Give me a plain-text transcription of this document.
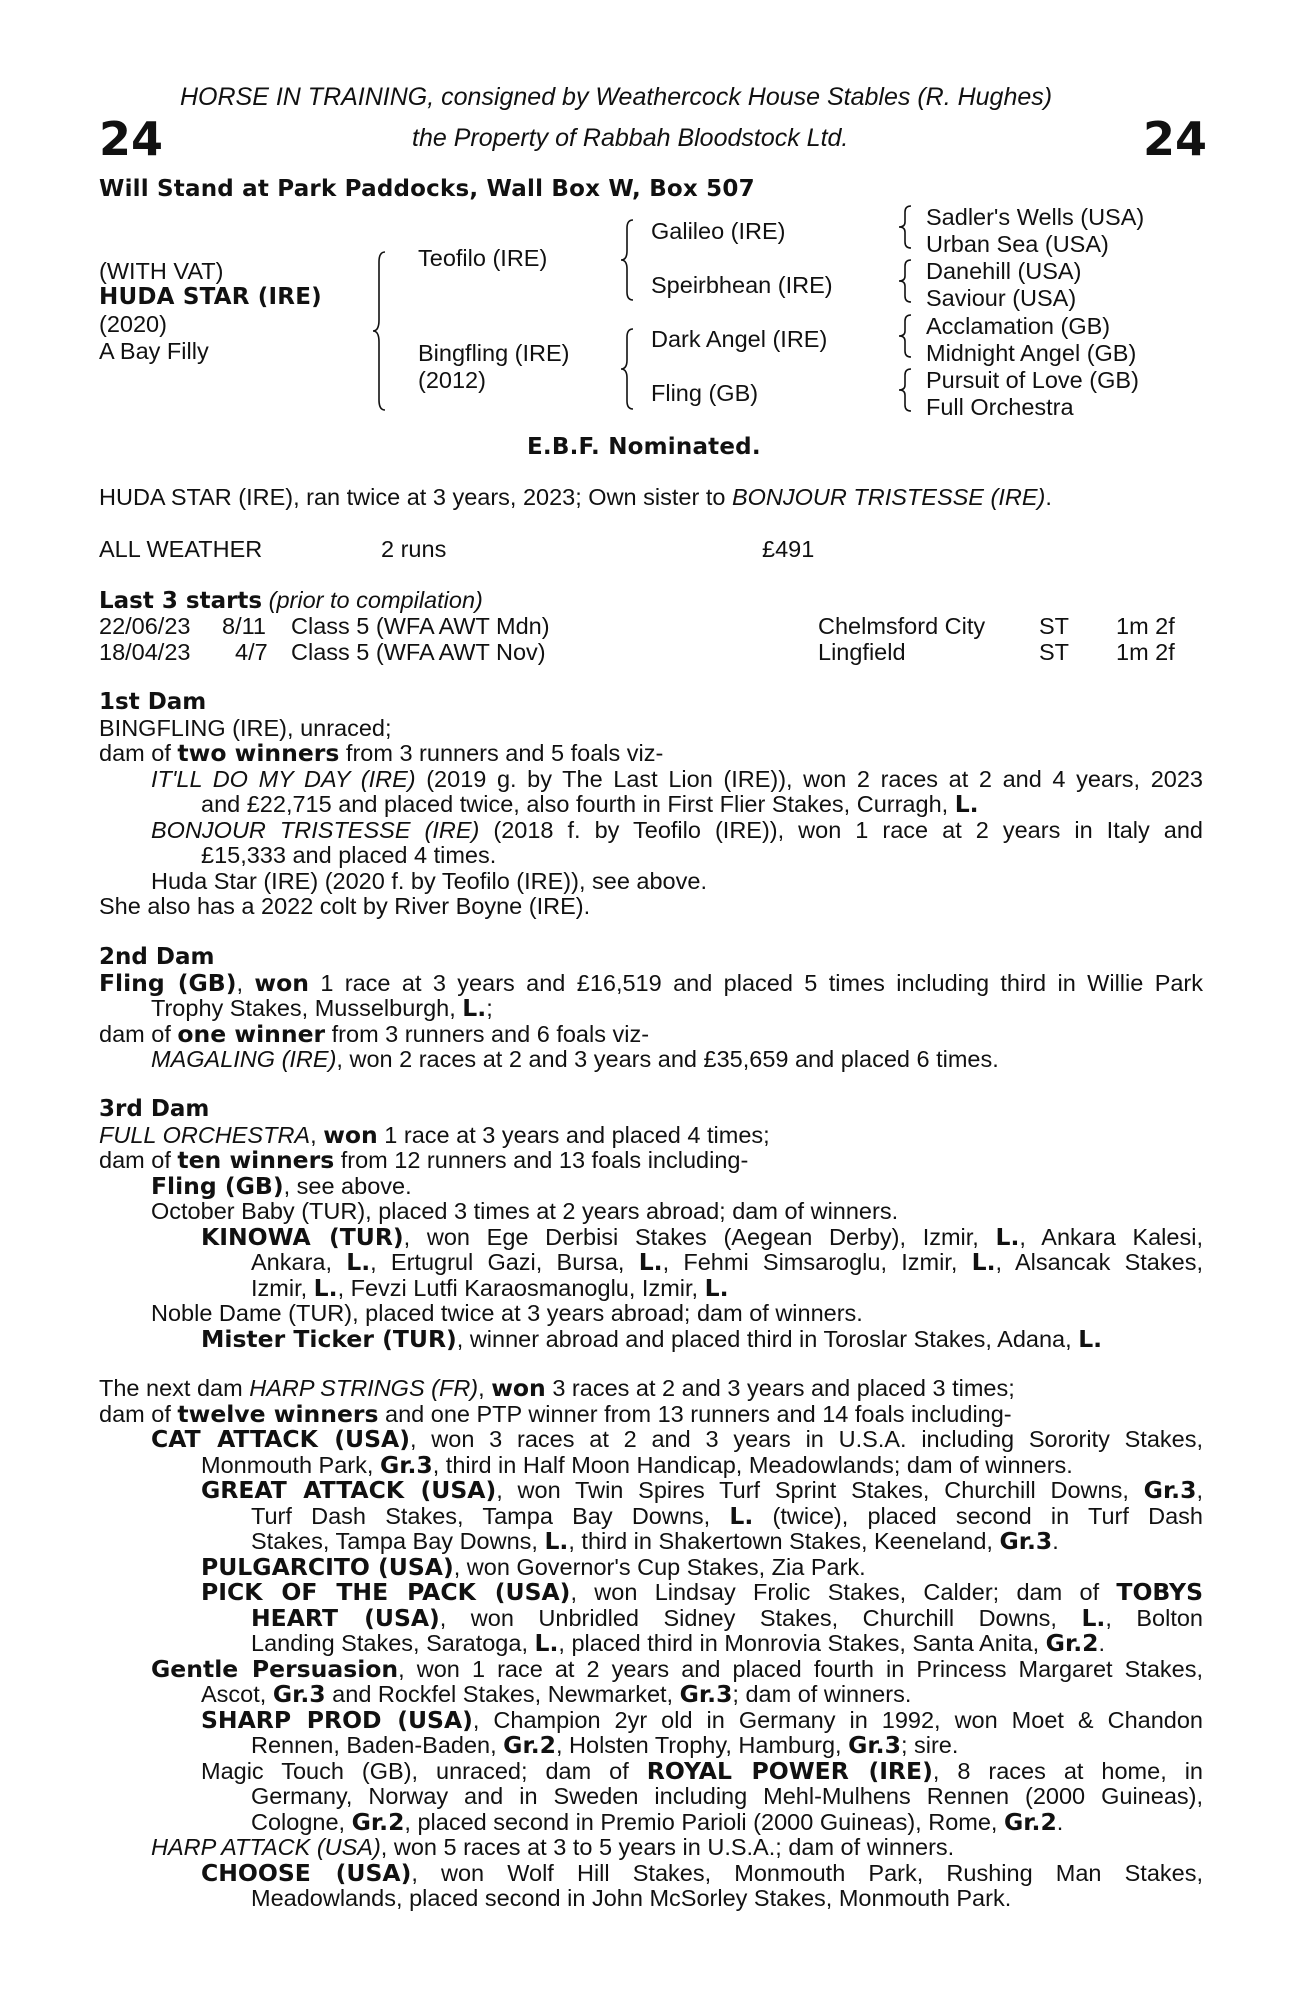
HORSE IN TRAINING, consigned by Weathercock House Stables (R. Hughes)
the Property of Rabbah Bloodstock Ltd.
24	24
Will Stand at Park Paddocks, Wall Box W, Box 507
(WITH VAT)
HUDA STAR (IRE)
(2020)
A Bay Filly
Teofilo (IRE)
Bingfling (IRE)
(2012)
Galileo (IRE)
Speirbhean (IRE)
Dark Angel (IRE)
Fling (GB)
Sadler's Wells (USA)
Urban Sea (USA)
Danehill (USA)
Saviour (USA)
Acclamation (GB)
Midnight Angel (GB)
Pursuit of Love (GB)
Full Orchestra
E.B.F. Nominated.
HUDA STAR (IRE), ran twice at 3 years, 2023; Own sister to BONJOUR TRISTESSE (IRE).
ALL WEATHER	2 runs	£491
Last 3 starts (prior to compilation)
22/06/23 8/11 Class 5 (WFA AWT Mdn)	Chelmsford City ST 1m 2f
18/04/23 4/7 Class 5 (WFA AWT Nov)	Lingfield	ST 1m 2f
1st Dam
BINGFLING (IRE), unraced;
dam of two winners from 3 runners and 5 foals viz-
IT'LL DO MY DAY (IRE) (2019 g. by The Last Lion (IRE)), won 2 races at 2 and 4 years, 2023
and £22,715 and placed twice, also fourth in First Flier Stakes, Curragh, L.
BONJOUR TRISTESSE (IRE) (2018 f. by Teofilo (IRE)), won 1 race at 2 years in Italy and
£15,333 and placed 4 times.
Huda Star (IRE) (2020 f. by Teofilo (IRE)), see above.
She also has a 2022 colt by River Boyne (IRE).
2nd Dam
Fling (GB), won 1 race at 3 years and £16,519 and placed 5 times including third in Willie Park
Trophy Stakes, Musselburgh, L.;
dam of one winner from 3 runners and 6 foals viz-
MAGALING (IRE), won 2 races at 2 and 3 years and £35,659 and placed 6 times.
3rd Dam
FULL ORCHESTRA, won 1 race at 3 years and placed 4 times;
dam of ten winners from 12 runners and 13 foals including-
Fling (GB), see above.
October Baby (TUR), placed 3 times at 2 years abroad; dam of winners.
KINOWA (TUR), won Ege Derbisi Stakes (Aegean Derby), Izmir, L., Ankara Kalesi,
Ankara, L., Ertugrul Gazi, Bursa, L., Fehmi Simsaroglu, Izmir, L., Alsancak Stakes,
Izmir, L., Fevzi Lutfi Karaosmanoglu, Izmir, L.
Noble Dame (TUR), placed twice at 3 years abroad; dam of winners.
Mister Ticker (TUR), winner abroad and placed third in Toroslar Stakes, Adana, L.
The next dam HARP STRINGS (FR), won 3 races at 2 and 3 years and placed 3 times;
dam of twelve winners and one PTP winner from 13 runners and 14 foals including-
CAT ATTACK (USA), won 3 races at 2 and 3 years in U.S.A. including Sorority Stakes,
Monmouth Park, Gr.3, third in Half Moon Handicap, Meadowlands; dam of winners.
GREAT ATTACK (USA), won Twin Spires Turf Sprint Stakes, Churchill Downs, Gr.3,
Turf Dash Stakes, Tampa Bay Downs, L. (twice), placed second in Turf Dash
Stakes, Tampa Bay Downs, L., third in Shakertown Stakes, Keeneland, Gr.3.
PULGARCITO (USA), won Governor's Cup Stakes, Zia Park.
PICK OF THE PACK (USA), won Lindsay Frolic Stakes, Calder; dam of TOBYS
HEART (USA), won Unbridled Sidney Stakes, Churchill Downs, L., Bolton
Landing Stakes, Saratoga, L., placed third in Monrovia Stakes, Santa Anita, Gr.2.
Gentle Persuasion, won 1 race at 2 years and placed fourth in Princess Margaret Stakes,
Ascot, Gr.3 and Rockfel Stakes, Newmarket, Gr.3; dam of winners.
SHARP PROD (USA), Champion 2yr old in Germany in 1992, won Moet & Chandon
Rennen, Baden-Baden, Gr.2, Holsten Trophy, Hamburg, Gr.3; sire.
Magic Touch (GB), unraced; dam of ROYAL POWER (IRE), 8 races at home, in
Germany, Norway and in Sweden including Mehl-Mulhens Rennen (2000 Guineas),
Cologne, Gr.2, placed second in Premio Parioli (2000 Guineas), Rome, Gr.2.
HARP ATTACK (USA), won 5 races at 3 to 5 years in U.S.A.; dam of winners.
CHOOSE (USA), won Wolf Hill Stakes, Monmouth Park, Rushing Man Stakes,
Meadowlands, placed second in John McSorley Stakes, Monmouth Park.
